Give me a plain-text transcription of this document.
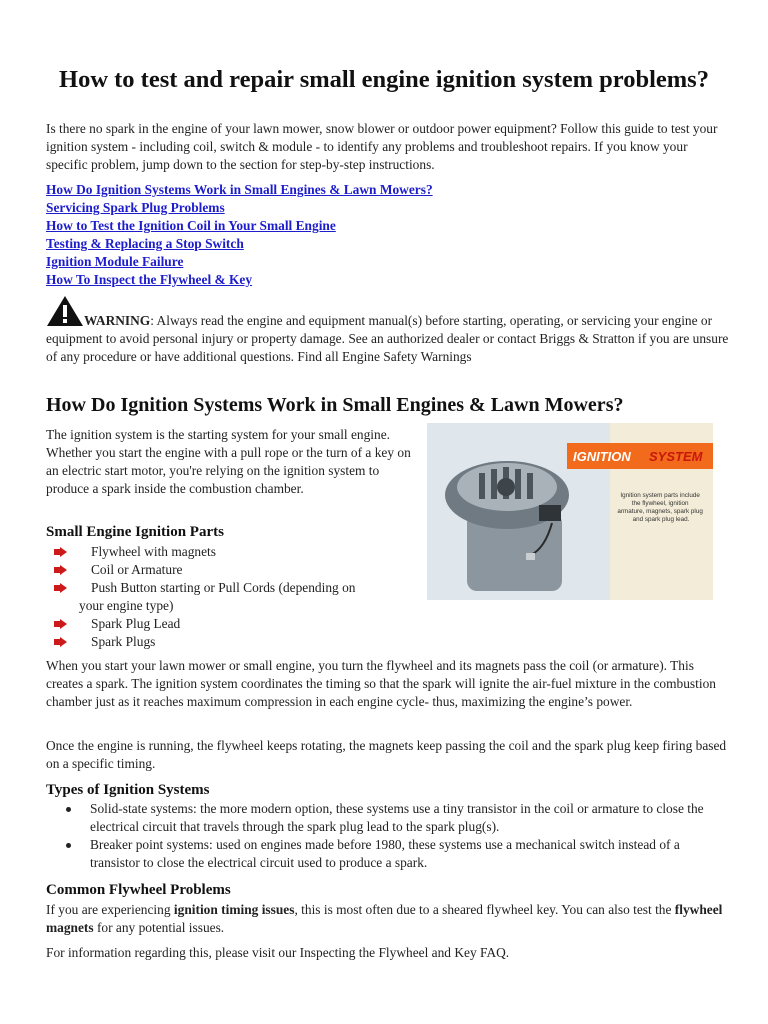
How to test and repair small engine ignition system problems?

Is there no spark in the engine of your lawn mower, snow blower or outdoor power equipment? Follow this guide to test your ignition system - including coil, switch & module - to identify any problems and troubleshoot repairs. If you know your specific problem, jump down to the section for step-by-step instructions.

How Do Ignition Systems Work in Small Engines & Lawn Mowers?
Servicing Spark Plug Problems
How to Test the Ignition Coil in Your Small Engine
Testing & Replacing a Stop Switch
Ignition Module Failure
How To Inspect the Flywheel & Key
WARNING: Always read the engine and equipment manual(s) before starting, operating, or servicing your engine or equipment to avoid personal injury or property damage. See an authorized dealer or contact Briggs & Stratton if you are unsure of any procedure or have additional questions. Find all Engine Safety Warnings
How Do Ignition Systems Work in Small Engines & Lawn Mowers?

The ignition system is the starting system for your small engine. Whether you start the engine with a pull rope or the turn of a key on an electric start motor, you're relying on the ignition system to produce a spark inside the combustion chamber.

IGNITION SYSTEM
Ignition system parts include the flywheel, ignition armature, magnets, spark plug and spark plug lead.
Small Engine Ignition Parts
Flywheel with magnets
Coil or Armature
Push Button starting or Pull Cords (depending on
your engine type)
Spark Plug Lead
Spark Plugs

When you start your lawn mower or small engine, you turn the flywheel and its magnets pass the coil (or armature). This creates a spark. The ignition system coordinates the timing so that the spark will ignite the air-fuel mixture in the combustion chamber just as it reaches maximum compression in each engine cycle- thus, maximizing the engine’s power.

Once the engine is running, the flywheel keeps rotating, the magnets keep passing the coil and the spark plug keep firing based on a specific timing.

Types of Ignition Systems
Solid-state systems: the more modern option, these systems use a tiny transistor in the coil or armature to close the electrical circuit that travels through the spark plug lead to the spark plug(s).
Breaker point systems: used on engines made before 1980, these systems use a mechanical switch instead of a transistor to close the electrical circuit used to produce a spark.
Common Flywheel Problems

If you are experiencing ignition timing issues, this is most often due to a sheared flywheel key. You can also test the flywheel magnets for any potential issues.

For information regarding this, please visit our Inspecting the Flywheel and Key FAQ.
